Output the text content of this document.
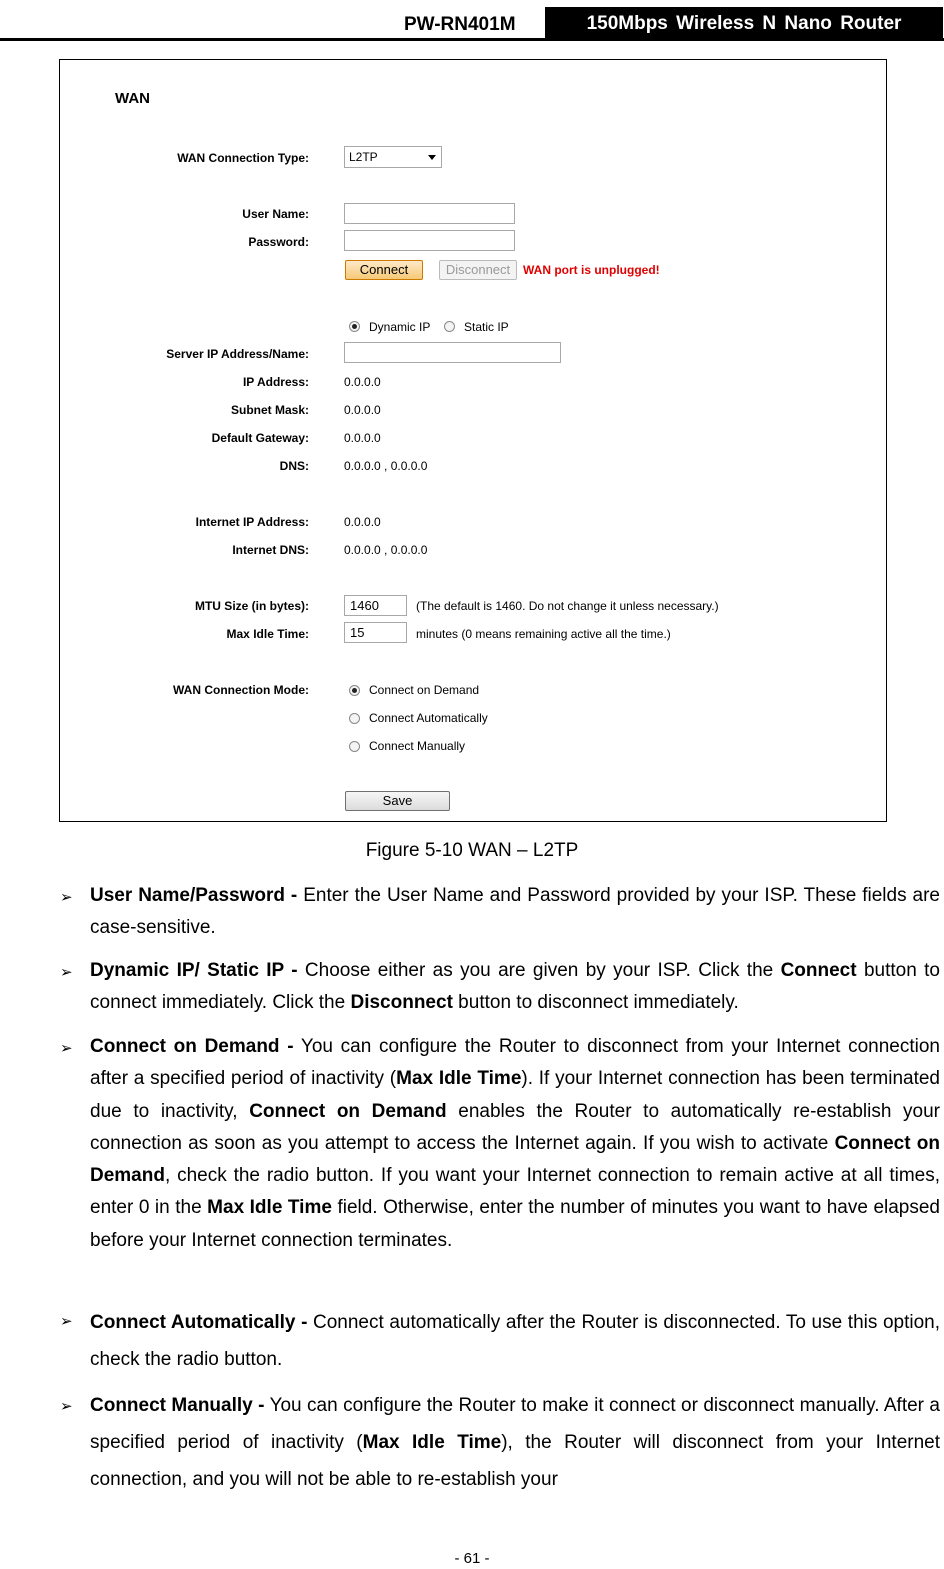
PW-RN401M	150Mbps Wireless N Nano Router
WAN
WAN Connection Type:	L2TP
User Name:
Password:
Connect	Disconnect	WAN port is unplugged!
Dynamic IP	Static IP
Server IP Address/Name:
IP Address:	0.0.0.0
Subnet Mask:	0.0.0.0
Default Gateway:	0.0.0.0
DNS:	0.0.0.0 , 0.0.0.0
Internet IP Address:	0.0.0.0
Internet DNS:	0.0.0.0 , 0.0.0.0
MTU Size (in bytes):	1460	(The default is 1460. Do not change it unless necessary.)
Max Idle Time:	15	minutes (0 means remaining active all the time.)
WAN Connection Mode:	Connect on Demand
Connect Automatically
Connect Manually
Save
Figure 5-10 WAN – L2TP
➢ User Name/Password - Enter the User Name and Password provided by your ISP. These fields are case-sensitive.
➢ Dynamic IP/ Static IP - Choose either as you are given by your ISP. Click the Connect button to connect immediately. Click the Disconnect button to disconnect immediately.
➢ Connect on Demand - You can configure the Router to disconnect from your Internet connection after a specified period of inactivity (Max Idle Time). If your Internet connection has been terminated due to inactivity, Connect on Demand enables the Router to automatically re-establish your connection as soon as you attempt to access the Internet again. If you wish to activate Connect on Demand, check the radio button. If you want your Internet connection to remain active at all times, enter 0 in the Max Idle Time field. Otherwise, enter the number of minutes you want to have elapsed before your Internet connection terminates.
➢ Connect Automatically - Connect automatically after the Router is disconnected. To use this option, check the radio button.
➢ Connect Manually - You can configure the Router to make it connect or disconnect manually. After a specified period of inactivity (Max Idle Time), the Router will disconnect from your Internet connection, and you will not be able to re-establish your
- 61 -
